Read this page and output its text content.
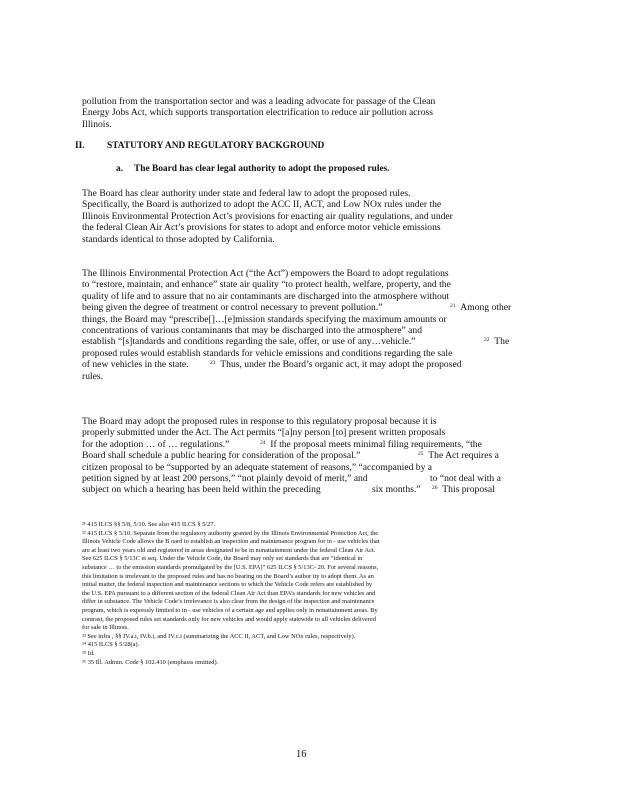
pollution from the transportation sector and was a leading advocate for passage of the Clean
Energy Jobs Act, which supports transportation electrification to reduce air pollution across
Illinois.
II. STATUTORY AND REGULATORY BACKGROUND
a. The Board has clear legal authority to adopt the proposed rules.
The Board has clear authority under state and federal law to adopt the proposed rules.
Specifically, the Board is authorized to adopt the ACC II, ACT, and Low NOx rules under the
Illinois Environmental Protection Act’s provisions for enacting air quality regulations, and under
the federal Clean Air Act’s provisions for states to adopt and enforce motor vehicle emissions
standards identical to those adopted by California.
The Illinois Environmental Protection Act (“the Act”) empowers the Board to adopt regulations
to “restore, maintain, and enhance” state air quality “to protect health, welfare, property, and the
quality of life and to assure that no air contaminants are discharged into the atmosphere without
being given the degree of treatment or control necessary to prevent pollution.”	$^{21}$ Among other
things, the Board may “prescribe[]…[e]mission standards specifying the maximum amounts or
concentrations of various contaminants that may be discharged into the atmosphere” and
establish “[s]tandards and conditions regarding the sale, offer, or use of any…vehicle.”	$^{22}$ The
proposed rules would establish standards for vehicle emissions and conditions regarding the sale
of new vehicles in the state.	$^{23}$ Thus, under the Board’s organic act, it may adopt the proposed
rules.
The Board may adopt the proposed rules in response to this regulatory proposal because it is
properly submitted under the Act. The Act permits “[a]ny person [to] present written proposals
for the adoption … of … regulations.”	$^{24}$ If the proposal meets minimal filing requirements, “the
Board shall schedule a public hearing for consideration of the proposal.”	$^{25}$ The Act requires a
citizen proposal to be “supported by an adequate statement of reasons,” “accompanied by a
petition signed by at least 200 persons,” “not plainly devoid of merit,” and	to “not deal with a
subject on which a hearing has been held within the preceding	six months.” $^{26}$ This proposal
²¹ 415 ILCS §§ 5/8, 5/10. See also 415 ILCS § 5/27.
²² 415 ILCS § 5/10. Separate from the regulatory authority granted by the Illinois Environmental Protection Act, the
Illinois Vehicle Code allows the B oard to establish an inspection and maintenance program for in - use vehicles that
are at least two years old and registered in areas designated to be in nonattainment under the federal Clean Air Act.
See 625 ILCS § 5/13C et seq. Under the Vehicle Code, the Board may only set standards that are “identical in
substance … to the emission standards promulgated by the [U.S. EPA]” 625 ILCS § 5/13C- 20. For several reasons,
this limitation is irrelevant to the proposed rules and has no bearing on the Board’s author ity to adopt them. As an
initial matter, the federal inspection and maintenance sections to which the Vehicle Code refers are established by
the U.S. EPA pursuant to a different section of the federal Clean Air Act than EPA’s standards for new vehicles and
differ in substance. The Vehicle Code’s irrelevance is also clear from the design of the inspection and maintenance
program, which is expressly limited to in - use vehicles of a certain age and applies only in nonattainment areas. By
contrast, the proposed rules set standards only for new vehicles and would apply statewide to all vehicles delivered
for sale in Illinois.
²³ See infra , §§ IV.a.i, IV.b.i, and IV.c.i (summarizing the ACC II, ACT, and Low NOx rules, respectively).
²⁴ 415 ILCS § 5/28(a).
²⁵ Id.
²⁶ 35 Ill. Admin. Code § 102.410 (emphasis omitted).
16
